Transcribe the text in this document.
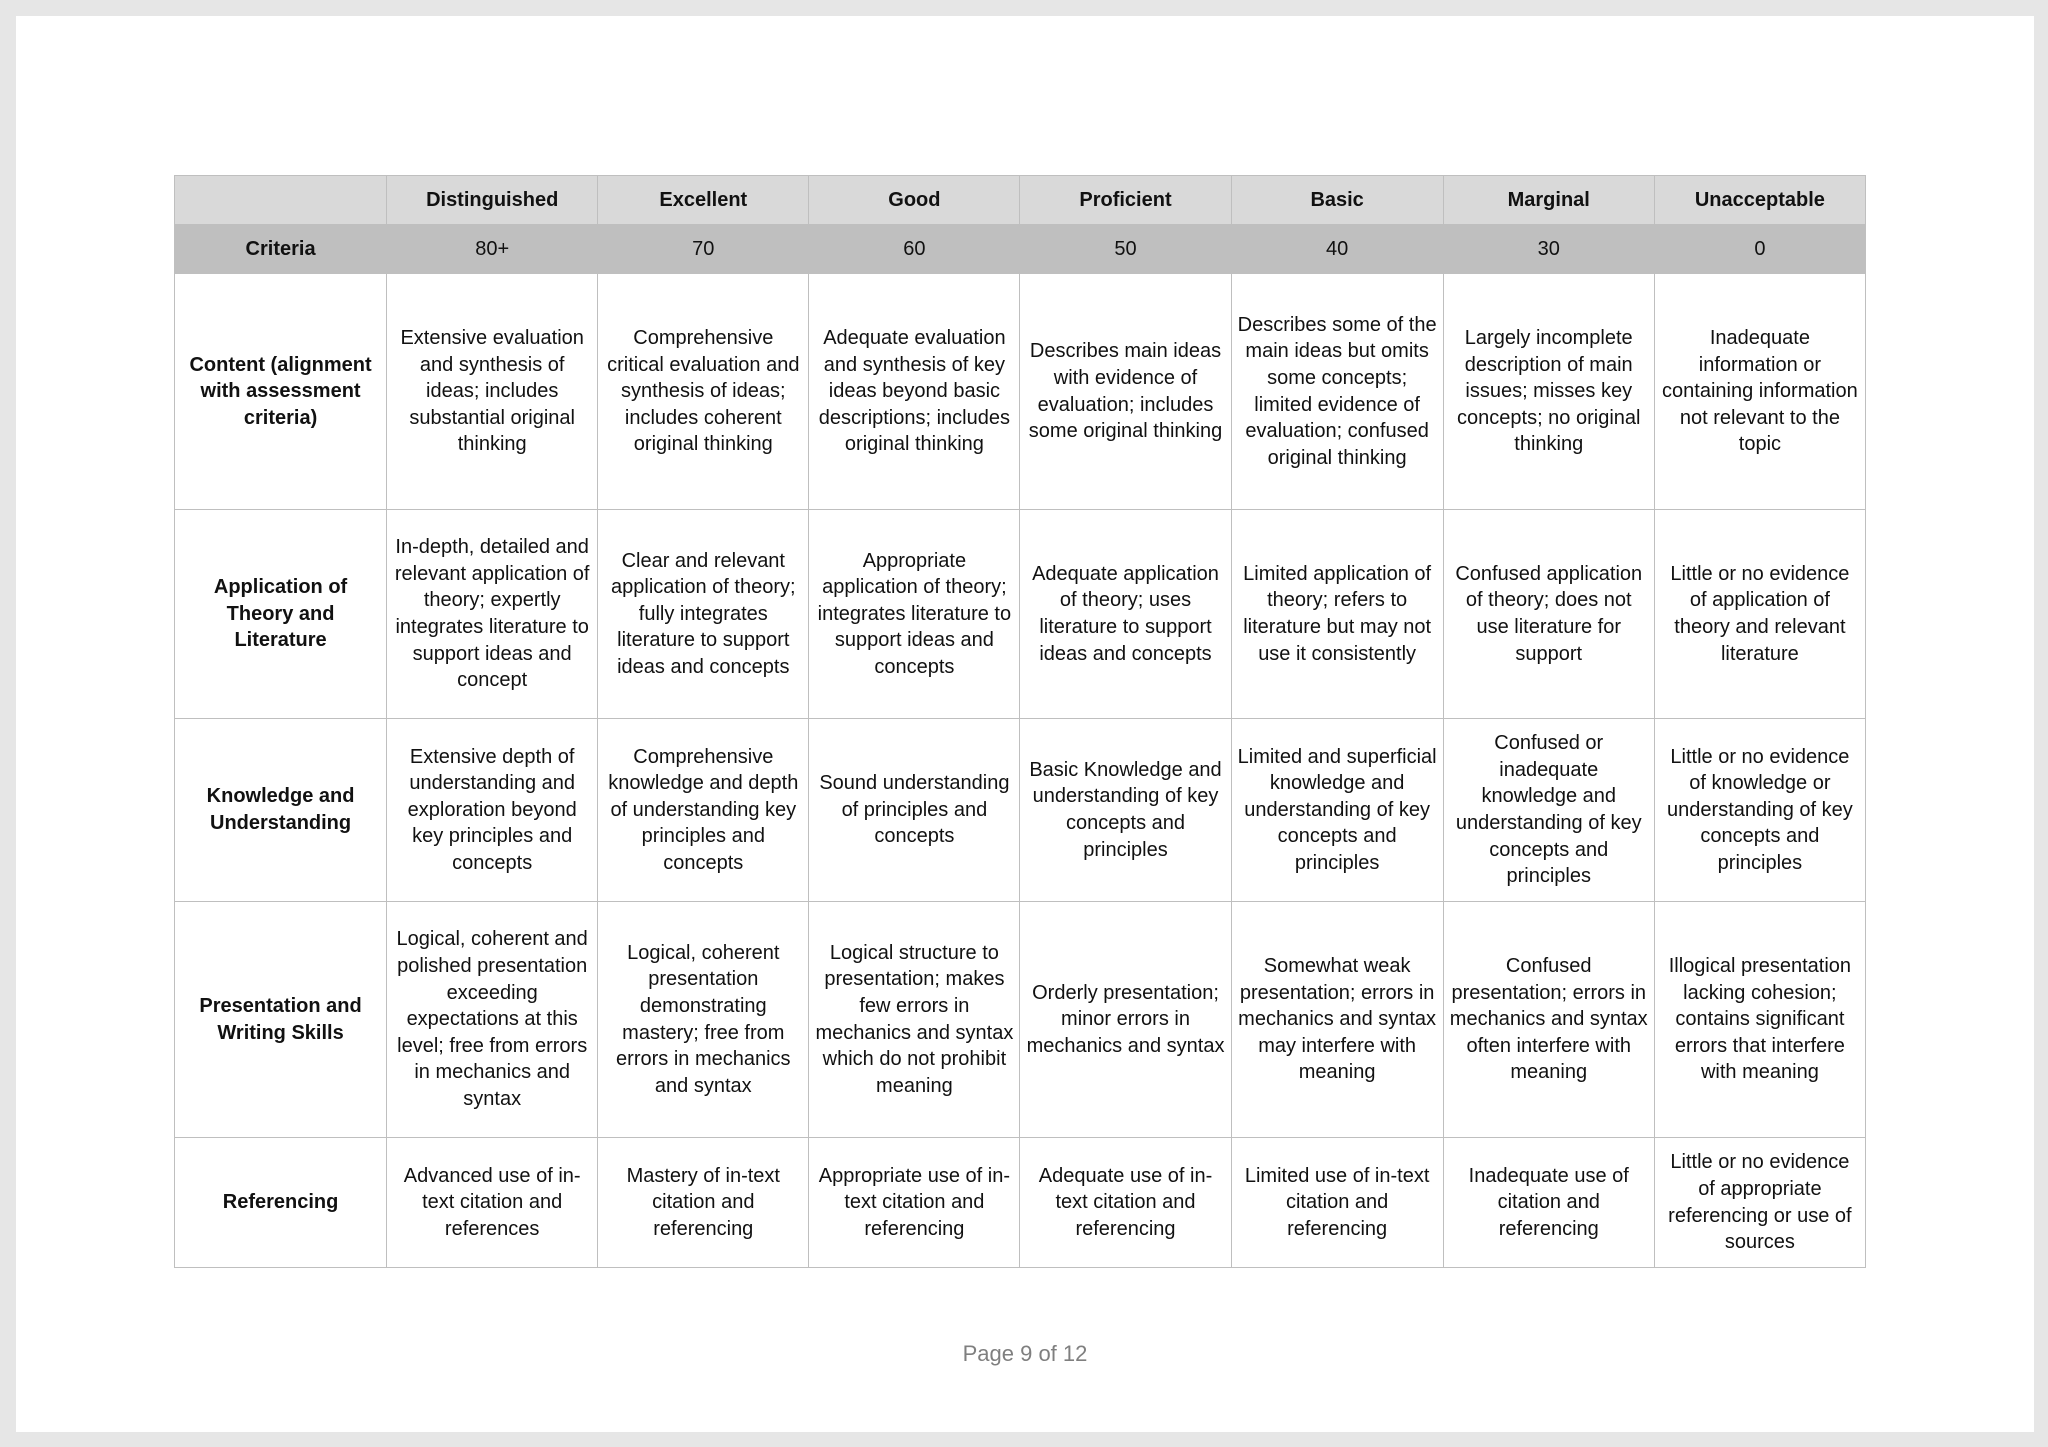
	Distinguished	Excellent	Good	Proficient	Basic	Marginal	Unacceptable
Criteria	80+	70	60	50	40	30	0
Content (alignment with assessment criteria)	Extensive evaluation and synthesis of ideas; includes substantial original thinking	Comprehensive critical evaluation and synthesis of ideas; includes coherent original thinking	Adequate evaluation and synthesis of key ideas beyond basic descriptions; includes original thinking	Describes main ideas with evidence of evaluation; includes some original thinking	Describes some of the main ideas but omits some concepts; limited evidence of evaluation; confused original thinking	Largely incomplete description of main issues; misses key concepts; no original thinking	Inadequate information or containing information not relevant to the topic
Application of Theory and Literature	In-depth, detailed and relevant application of theory; expertly integrates literature to support ideas and concept	Clear and relevant application of theory; fully integrates literature to support ideas and concepts	Appropriate application of theory; integrates literature to support ideas and concepts	Adequate application of theory; uses literature to support ideas and concepts	Limited application of theory; refers to literature but may not use it consistently	Confused application of theory; does not use literature for support	Little or no evidence of application of theory and relevant literature
Knowledge and Understanding	Extensive depth of understanding and exploration beyond key principles and concepts	Comprehensive knowledge and depth of understanding key principles and concepts	Sound understanding of principles and concepts	Basic Knowledge and understanding of key concepts and principles	Limited and superficial knowledge and understanding of key concepts and principles	Confused or inadequate knowledge and understanding of key concepts and principles	Little or no evidence of knowledge or understanding of key concepts and principles
Presentation and Writing Skills	Logical, coherent and polished presentation exceeding expectations at this level; free from errors in mechanics and syntax	Logical, coherent presentation demonstrating mastery; free from errors in mechanics and syntax	Logical structure to presentation; makes few errors in mechanics and syntax which do not prohibit meaning	Orderly presentation; minor errors in mechanics and syntax	Somewhat weak presentation; errors in mechanics and syntax may interfere with meaning	Confused presentation; errors in mechanics and syntax often interfere with meaning	Illogical presentation lacking cohesion; contains significant errors that interfere with meaning
Referencing	Advanced use of in-text citation and references	Mastery of in-text citation and referencing	Appropriate use of in-text citation and referencing	Adequate use of in-text citation and referencing	Limited use of in-text citation and referencing	Inadequate use of citation and referencing	Little or no evidence of appropriate referencing or use of sources
Page 9 of 12
